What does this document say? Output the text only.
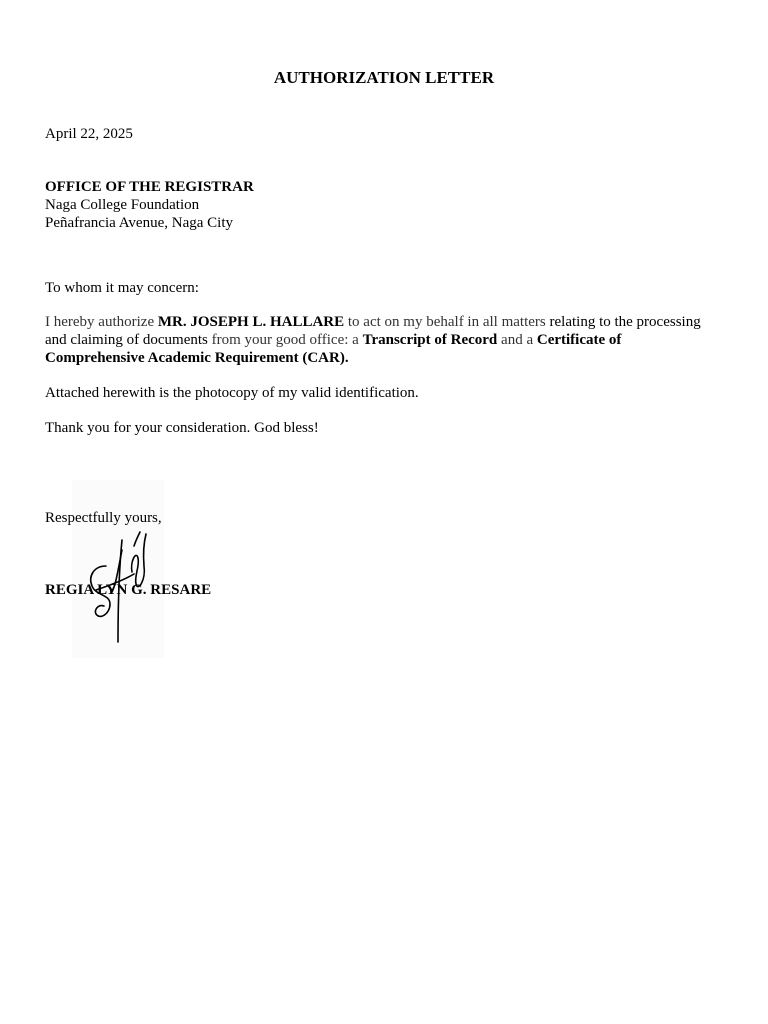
AUTHORIZATION LETTER
April 22, 2025
OFFICE OF THE REGISTRAR
Naga College Foundation
Peñafrancia Avenue, Naga City
To whom it may concern:
I hereby authorize MR. JOSEPH L. HALLARE to act on my behalf in all matters relating to the processing and claiming of documents from your good office: a Transcript of Record and a Certificate of Comprehensive Academic Requirement (CAR).
Attached herewith is the photocopy of my valid identification.
Thank you for your consideration. God bless!
Respectfully yours,
REGIA LYN G. RESARE
